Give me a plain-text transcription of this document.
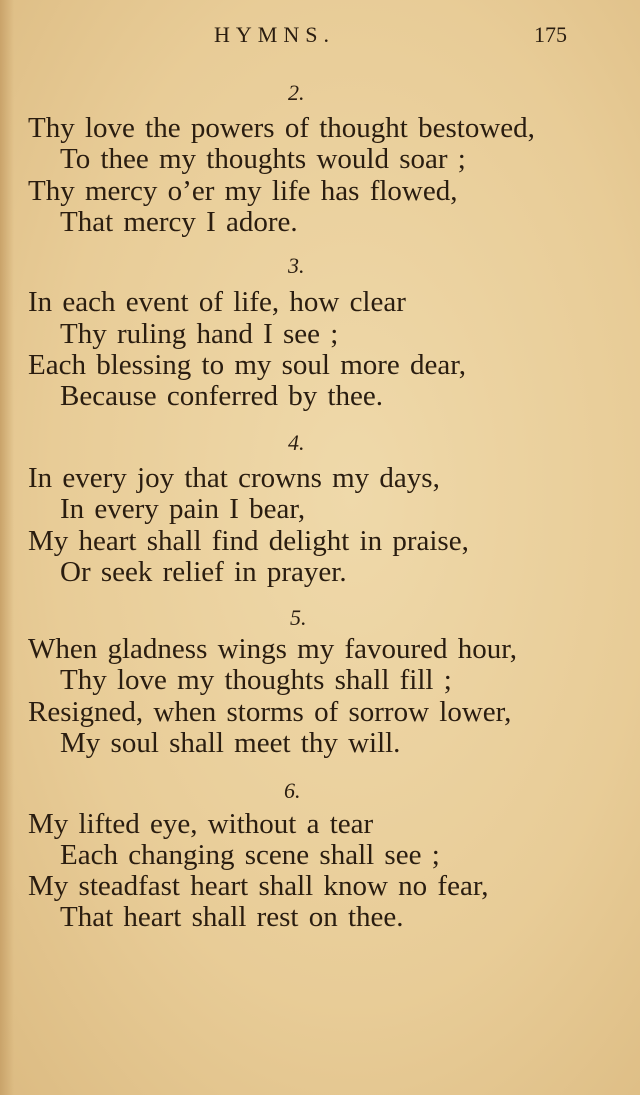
HYMNS.	175
2.
Thy love the powers of thought bestowed,
To thee my thoughts would soar ;
Thy mercy o’er my life has flowed,
That mercy I adore.
3.
In each event of life, how clear
Thy ruling hand I see ;
Each blessing to my soul more dear,
Because conferred by thee.
4.
In every joy that crowns my days,
In every pain I bear,
My heart shall find delight in praise,
Or seek relief in prayer.
5.
When gladness wings my favoured hour,
Thy love my thoughts shall fill ;
Resigned, when storms of sorrow lower,
My soul shall meet thy will.
6.
My lifted eye, without a tear
Each changing scene shall see ;
My steadfast heart shall know no fear,
That heart shall rest on thee.
